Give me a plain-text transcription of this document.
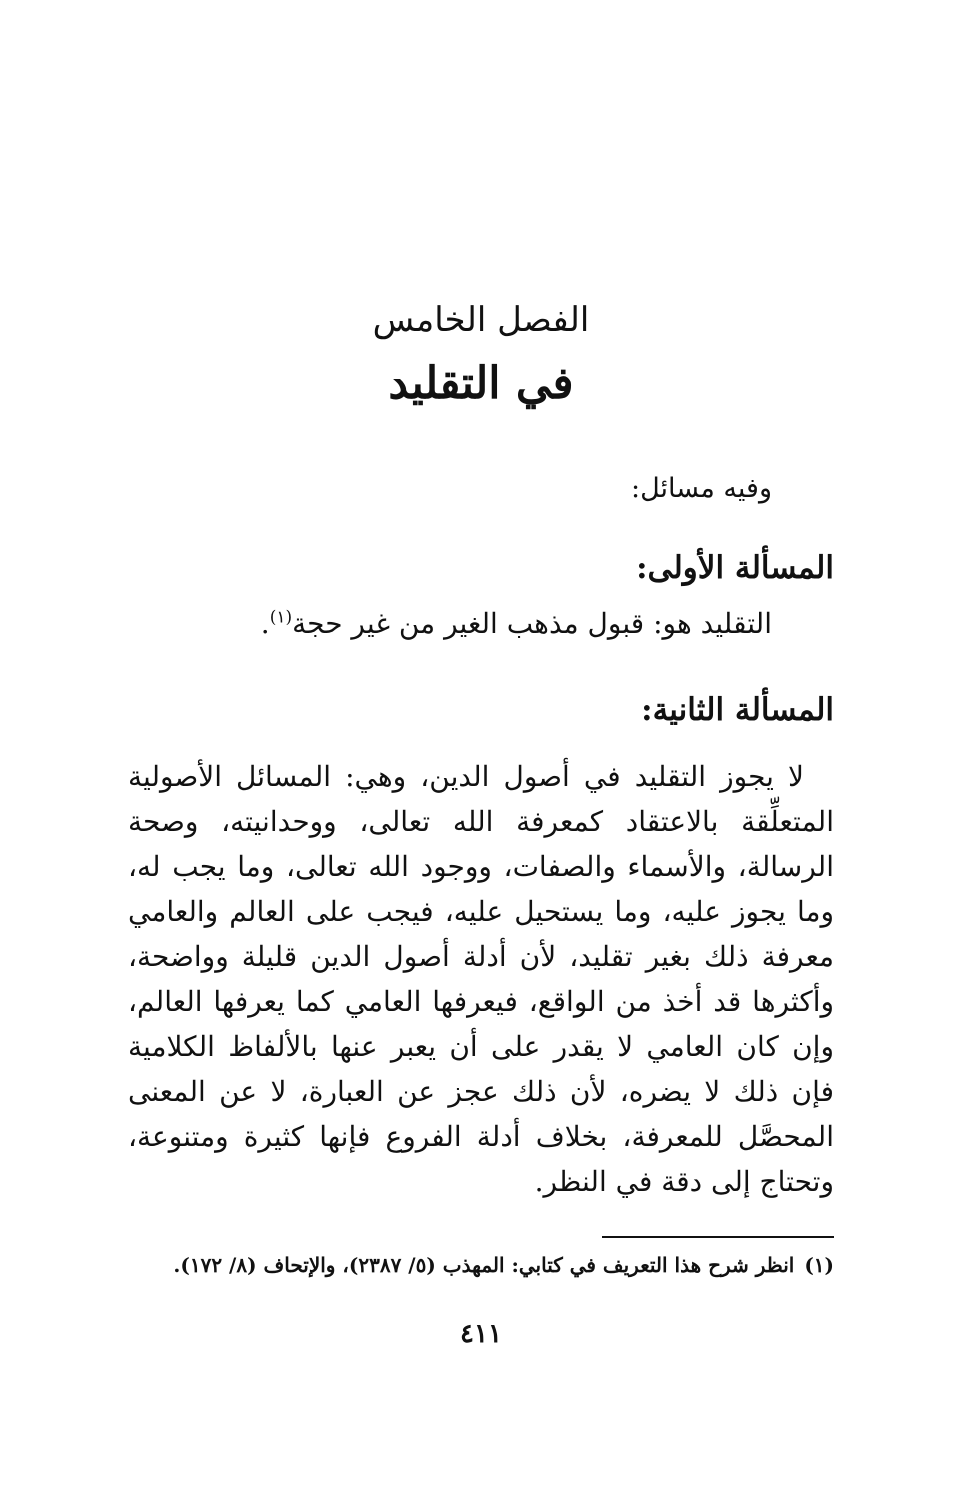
الفصل الخامس
في التقليد
وفيه مسائل:
المسألة الأولى:
التقليد هو: قبول مذهب الغير من غير حجة$^{(١)}$.
المسألة الثانية:
لا يجوز التقليد في أصول الدين، وهي: المسائل الأصولية المتعلِّقة بالاعتقاد كمعرفة الله تعالى، ووحدانيته، وصحة الرسالة، والأسماء والصفات، ووجود الله تعالى، وما يجب له، وما يجوز عليه، وما يستحيل عليه، فيجب على العالم والعامي معرفة ذلك بغير تقليد، لأن أدلة أصول الدين قليلة وواضحة، وأكثرها قد أخذ من الواقع، فيعرفها العامي كما يعرفها العالم، وإن كان العامي لا يقدر على أن يعبر عنها بالألفاظ الكلامية فإن ذلك لا يضره، لأن ذلك عجز عن العبارة، لا عن المعنى المحصَّل للمعرفة، بخلاف أدلة الفروع فإنها كثيرة ومتنوعة، وتحتاج إلى دقة في النظر.
(١)انظر شرح هذا التعريف في كتابي: المهذب (٥/ ٢٣٨٧)، والإتحاف (٨/ ١٧٢).
٤١١
